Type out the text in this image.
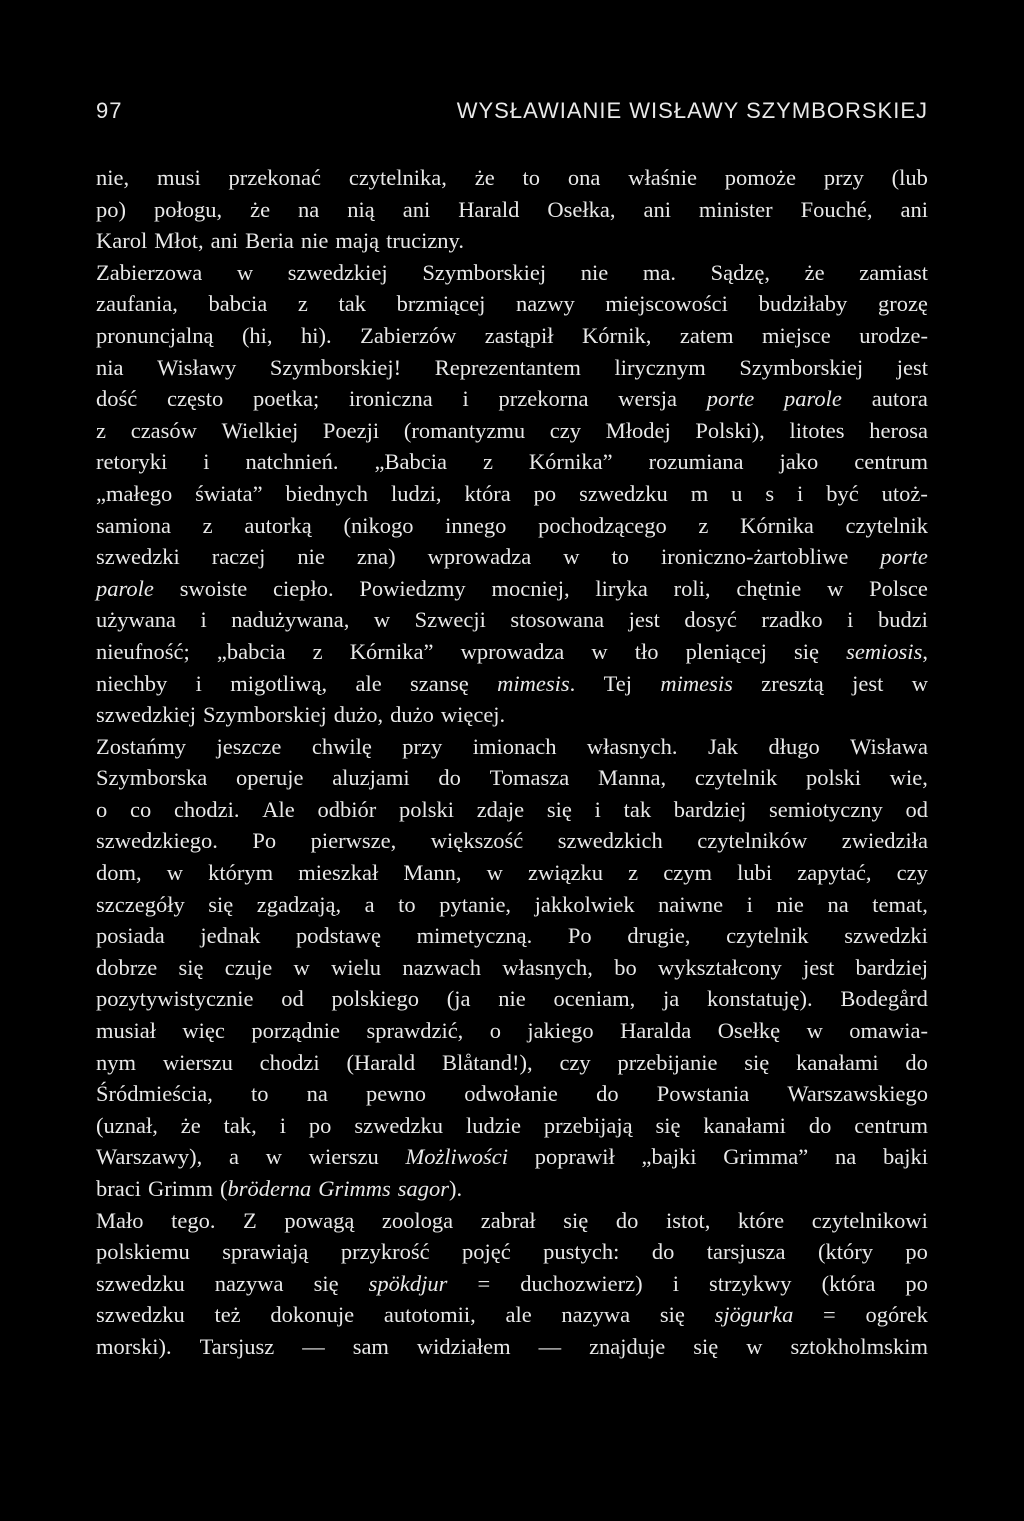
97	WYSŁAWIANIE WISŁAWY SZYMBORSKIEJ
nie, musi przekonać czytelnika, że to ona właśnie pomoże przy (lub
po) połogu, że na nią ani Harald Osełka, ani minister Fouché, ani
Karol Młot, ani Beria nie mają trucizny.
Zabierzowa w szwedzkiej Szymborskiej nie ma. Sądzę, że zamiast
zaufania, babcia z tak brzmiącej nazwy miejscowości budziłaby grozę
pronuncjalną (hi, hi). Zabierzów zastąpił Kórnik, zatem miejsce urodze-
nia Wisławy Szymborskiej! Reprezentantem lirycznym Szymborskiej jest
dość często poetka; ironiczna i przekorna wersja porte parole autora
z czasów Wielkiej Poezji (romantyzmu czy Młodej Polski), litotes herosa
retoryki i natchnień. „Babcia z Kórnika” rozumiana jako centrum
„małego świata” biednych ludzi, która po szwedzku m u s i być utoż-
samiona z autorką (nikogo innego pochodzącego z Kórnika czytelnik
szwedzki raczej nie zna) wprowadza w to ironiczno-żartobliwe porte
parole swoiste ciepło. Powiedzmy mocniej, liryka roli, chętnie w Polsce
używana i nadużywana, w Szwecji stosowana jest dosyć rzadko i budzi
nieufność; „babcia z Kórnika” wprowadza w tło pleniącej się semiosis,
niechby i migotliwą, ale szansę mimesis. Tej mimesis zresztą jest w
szwedzkiej Szymborskiej dużo, dużo więcej.
Zostańmy jeszcze chwilę przy imionach własnych. Jak długo Wisława
Szymborska operuje aluzjami do Tomasza Manna, czytelnik polski wie,
o co chodzi. Ale odbiór polski zdaje się i tak bardziej semiotyczny od
szwedzkiego. Po pierwsze, większość szwedzkich czytelników zwiedziła
dom, w którym mieszkał Mann, w związku z czym lubi zapytać, czy
szczegóły się zgadzają, a to pytanie, jakkolwiek naiwne i nie na temat,
posiada jednak podstawę mimetyczną. Po drugie, czytelnik szwedzki
dobrze się czuje w wielu nazwach własnych, bo wykształcony jest bardziej
pozytywistycznie od polskiego (ja nie oceniam, ja konstatuję). Bodegård
musiał więc porządnie sprawdzić, o jakiego Haralda Osełkę w omawia-
nym wierszu chodzi (Harald Blåtand!), czy przebijanie się kanałami do
Śródmieścia, to na pewno odwołanie do Powstania Warszawskiego
(uznał, że tak, i po szwedzku ludzie przebijają się kanałami do centrum
Warszawy), a w wierszu Możliwości poprawił „bajki Grimma” na bajki
braci Grimm (bröderna Grimms sagor).
Mało tego. Z powagą zoologa zabrał się do istot, które czytelnikowi
polskiemu sprawiają przykrość pojęć pustych: do tarsjusza (który po
szwedzku nazywa się spökdjur = duchozwierz) i strzykwy (która po
szwedzku też dokonuje autotomii, ale nazywa się sjögurka = ogórek
morski). Tarsjusz — sam widziałem — znajduje się w sztokholmskim
